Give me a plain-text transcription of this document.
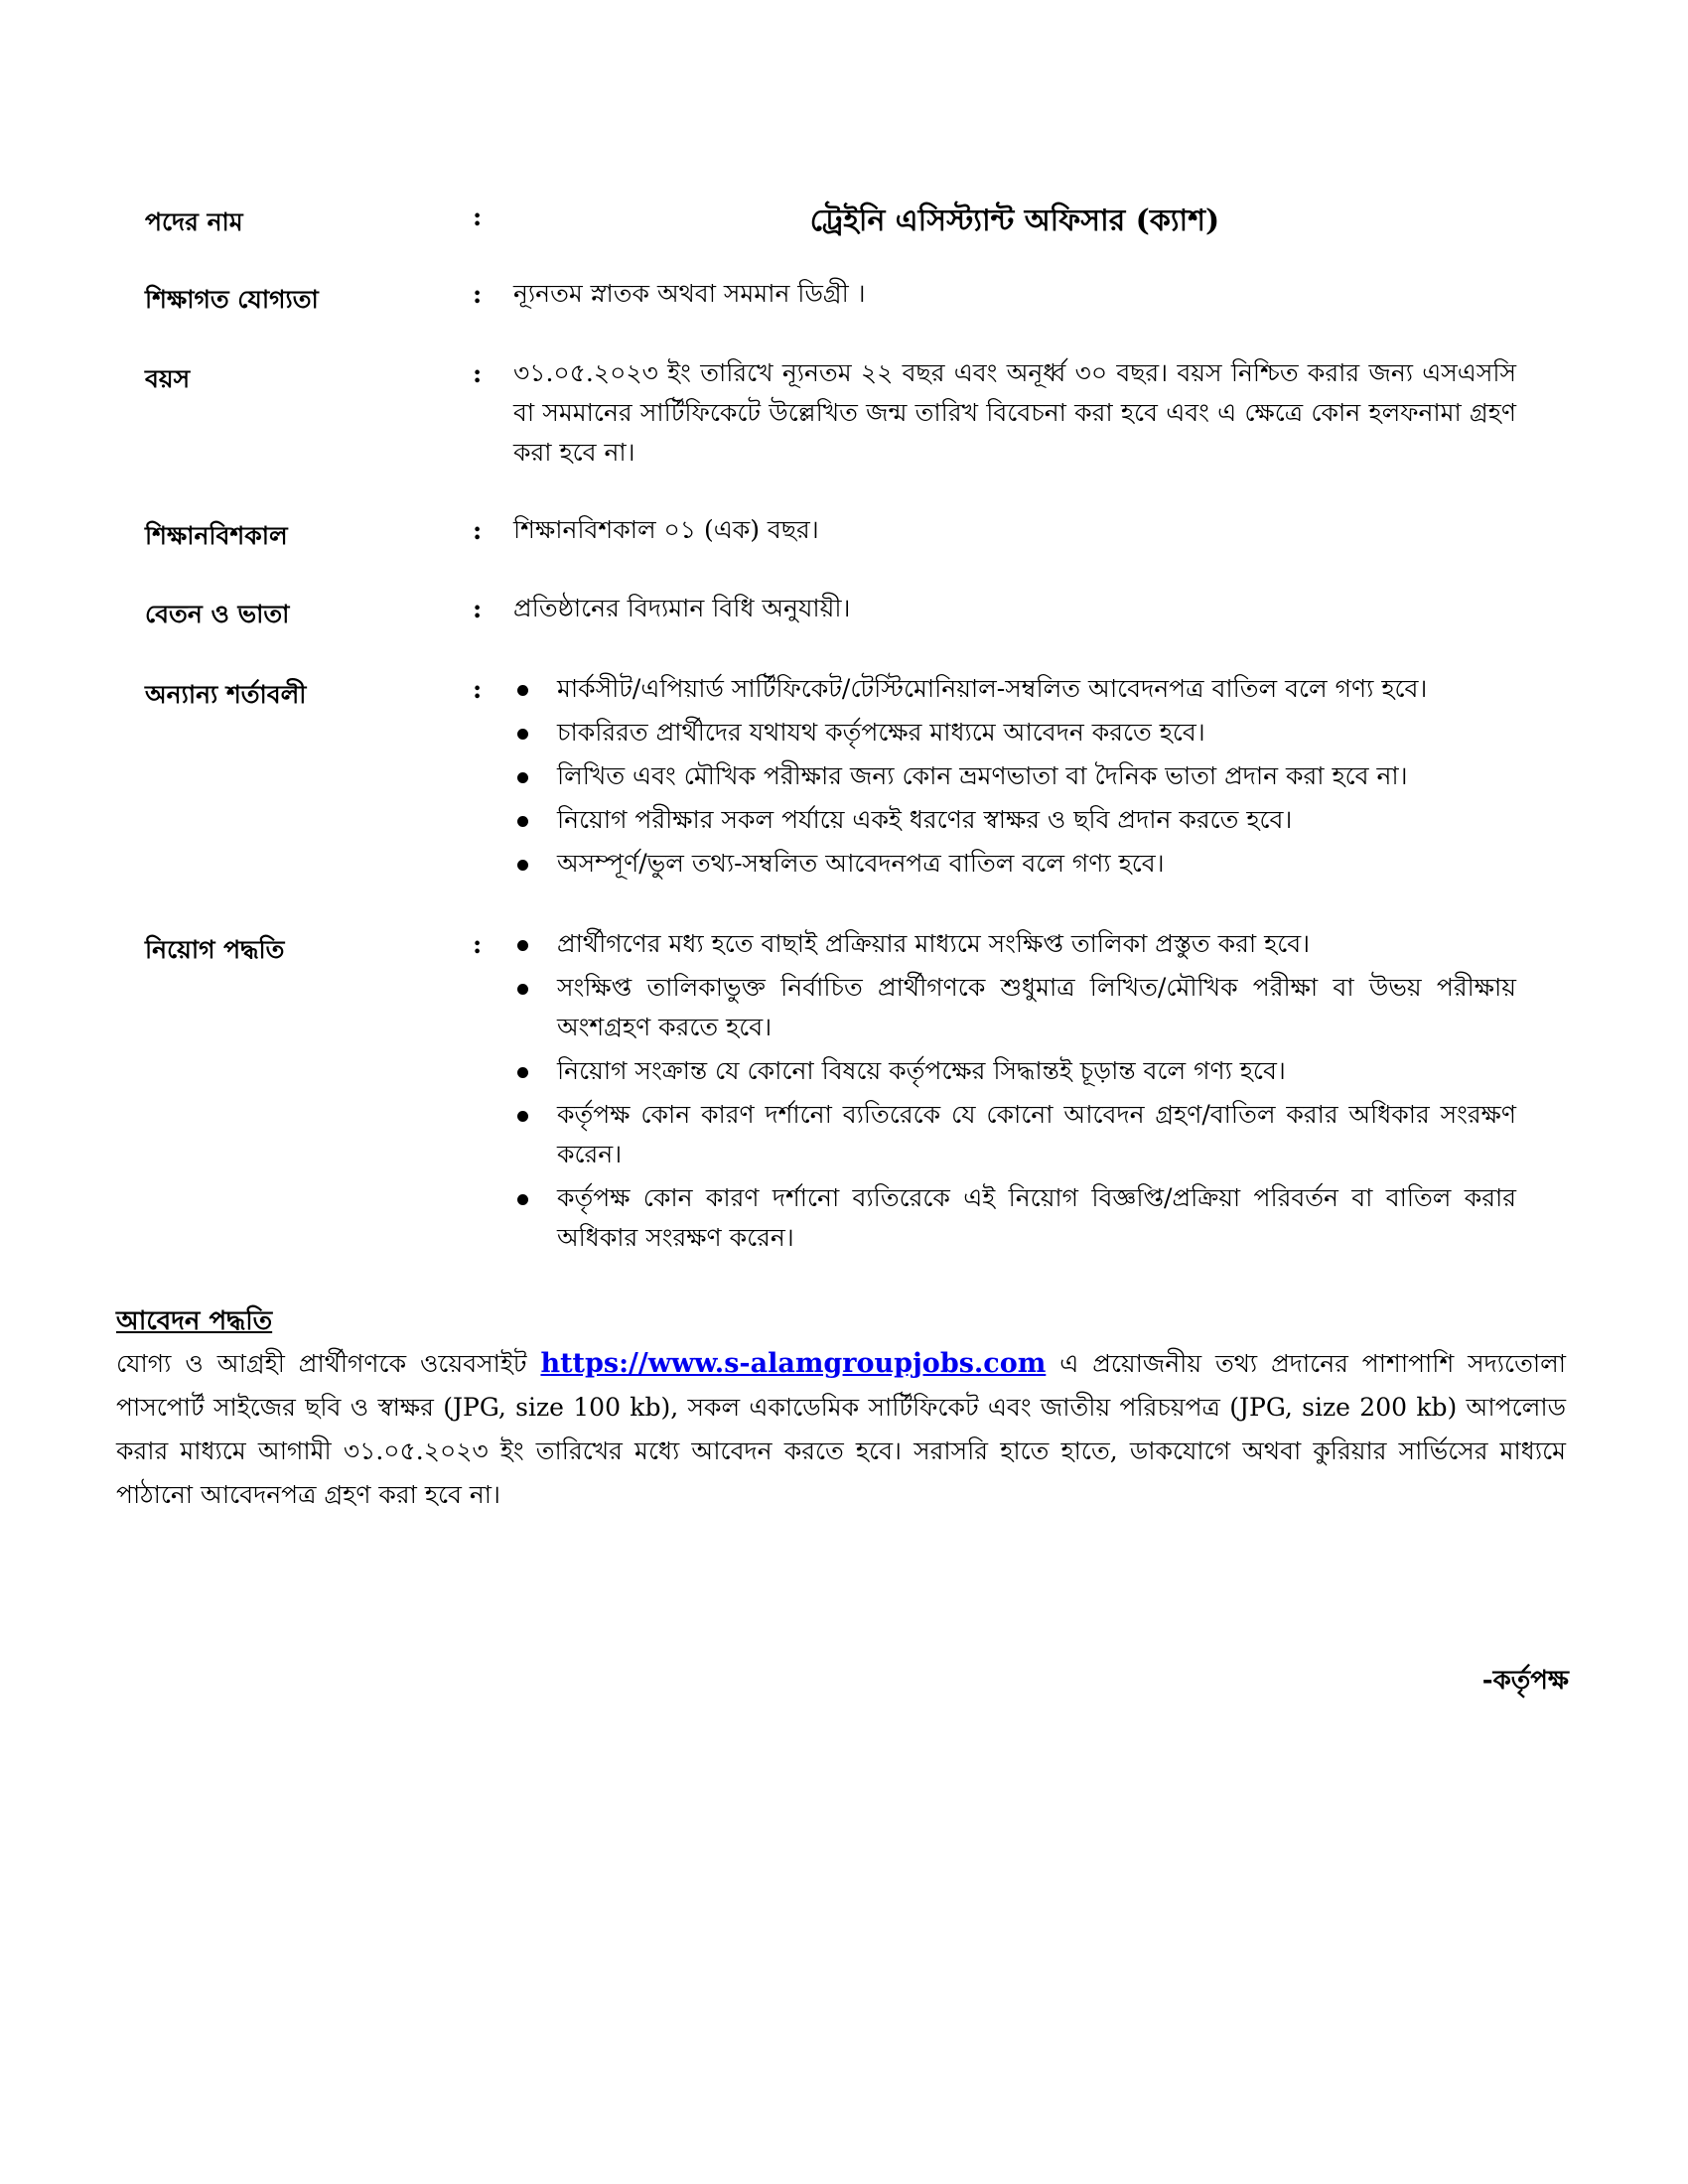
পদের নাম	:	ট্রেইনি এসিস্ট্যান্ট অফিসার (ক্যাশ)
শিক্ষাগত যোগ্যতা	: ন্যূনতম স্নাতক অথবা সমমান ডিগ্রী ।
বয়স	: ৩১.০৫.২০২৩ ইং তারিখে ন্যূনতম ২২ বছর এবং অনূর্ধ্ব ৩০ বছর। বয়স নিশ্চিত করার জন্য এসএসসি বা সমমানের সার্টিফিকেটে উল্লেখিত জন্ম তারিখ বিবেচনা করা হবে এবং এ ক্ষেত্রে কোন হলফনামা গ্রহণ করা হবে না।
শিক্ষানবিশকাল	: শিক্ষানবিশকাল ০১ (এক) বছর।
বেতন ও ভাতা	: প্রতিষ্ঠানের বিদ্যমান বিধি অনুযায়ী।
অন্যান্য শর্তাবলী	:	মার্কসীট/এপিয়ার্ড সার্টিফিকেট/টেস্টিমোনিয়াল-সম্বলিত আবেদনপত্র বাতিল বলে গণ্য হবে।
চাকরিরত প্রার্থীদের যথাযথ কর্তৃপক্ষের মাধ্যমে আবেদন করতে হবে।
লিখিত এবং মৌখিক পরীক্ষার জন্য কোন ভ্রমণভাতা বা দৈনিক ভাতা প্রদান করা হবে না।
নিয়োগ পরীক্ষার সকল পর্যায়ে একই ধরণের স্বাক্ষর ও ছবি প্রদান করতে হবে।
অসম্পূর্ণ/ভুল তথ্য-সম্বলিত আবেদনপত্র বাতিল বলে গণ্য হবে।
নিয়োগ পদ্ধতি	:	প্রার্থীগণের মধ্য হতে বাছাই প্রক্রিয়ার মাধ্যমে সংক্ষিপ্ত তালিকা প্রস্তুত করা হবে।
সংক্ষিপ্ত তালিকাভুক্ত নির্বাচিত প্রার্থীগণকে শুধুমাত্র লিখিত/মৌখিক পরীক্ষা বা উভয় পরীক্ষায় অংশগ্রহণ করতে হবে।
নিয়োগ সংক্রান্ত যে কোনো বিষয়ে কর্তৃপক্ষের সিদ্ধান্তই চূড়ান্ত বলে গণ্য হবে।
কর্তৃপক্ষ কোন কারণ দর্শানো ব্যতিরেকে যে কোনো আবেদন গ্রহণ/বাতিল করার অধিকার সংরক্ষণ করেন।
কর্তৃপক্ষ কোন কারণ দর্শানো ব্যতিরেকে এই নিয়োগ বিজ্ঞপ্তি/প্রক্রিয়া পরিবর্তন বা বাতিল করার অধিকার সংরক্ষণ করেন।
আবেদন পদ্ধতি
যোগ্য ও আগ্রহী প্রার্থীগণকে ওয়েবসাইট https://www.s-alamgroupjobs.com এ প্রয়োজনীয় তথ্য প্রদানের পাশাপাশি সদ্যতোলা পাসপোর্ট সাইজের ছবি ও স্বাক্ষর (JPG, size 100 kb), সকল একাডেমিক সার্টিফিকেট এবং জাতীয় পরিচয়পত্র (JPG, size 200 kb) আপলোড করার মাধ্যমে আগামী ৩১.০৫.২০২৩ ইং তারিখের মধ্যে আবেদন করতে হবে। সরাসরি হাতে হাতে, ডাকযোগে অথবা কুরিয়ার সার্ভিসের মাধ্যমে পাঠানো আবেদনপত্র গ্রহণ করা হবে না।
-কর্তৃপক্ষ
